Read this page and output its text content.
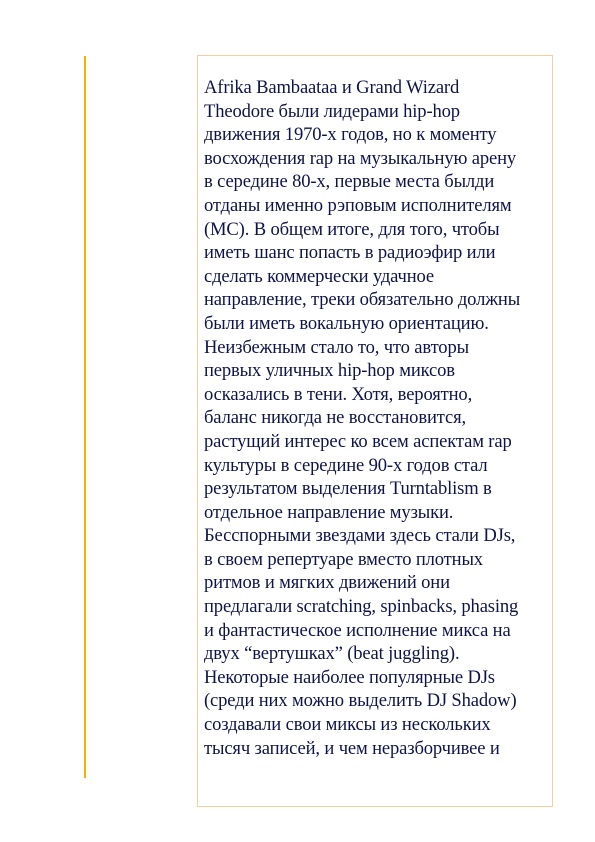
Afrika Bambaataa и Grand Wizard
Theodore были лидерами hip-hop
движения 1970-х годов, но к моменту
восхождения rap на музыкальную арену
в середине 80-х, первые места былди
отданы именно рэповым исполнителям
(MC). В общем итоге, для того, чтобы
иметь шанс попасть в радиоэфир или
сделать коммерчески удачное
направление, треки обязательно должны
были иметь вокальную ориентацию.
Неизбежным стало то, что авторы
первых уличных hip-hop миксов
осказались в тени. Хотя, вероятно,
баланс никогда не восстановится,
растущий интерес ко всем аспектам rap
культуры в середине 90-х годов стал
результатом выделения Turntablism в
отдельное направление музыки.
Бесспорными звездами здесь стали DJs,
в своем репертуаре вместо плотных
ритмов и мягких движений они
предлагали scratching, spinbacks, phasing
и фантастическое исполнение микса на
двух “вертушках” (beat juggling).
Некоторые наиболее популярные DJs
(среди них можно выделить DJ Shadow)
создавали свои миксы из нескольких
тысяч записей, и чем неразборчивее и
